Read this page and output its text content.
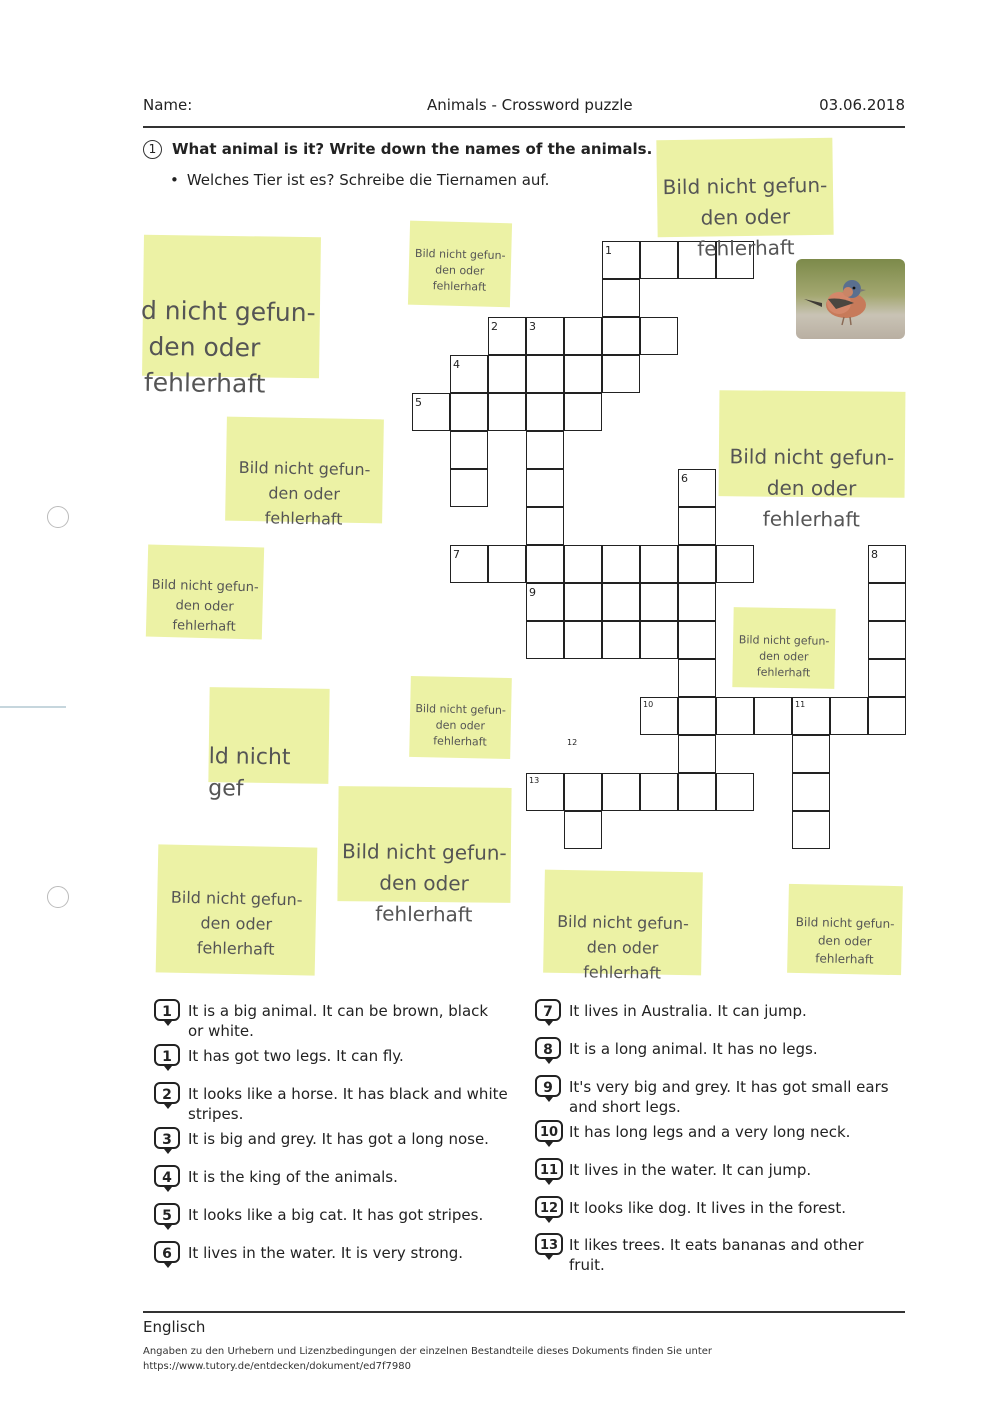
Name:	Animals - Crossword puzzle	03.06.2018
1 What animal is it? Write down the names of the animals.
• Welches Tier ist es? Schreibe die Tiernamen auf.
1
2	3
4
5
6
7	8
9
10	11
12
13
Bild nicht gefun-
den oder
fehlerhaft
Bild nicht gefun-
den oder
fehlerhaft
d nicht gefun-
den oder
fehlerhaft
Bild nicht gefun-
den oder
fehlerhaft
Bild nicht gefun-
den oder
fehlerhaft
Bild nicht gefun-
den oder
fehlerhaft
Bild nicht gefun-
den oder
fehlerhaft
ld nicht gef
Bild nicht gefun-
den oder
fehlerhaft
Bild nicht gefun-
den oder
fehlerhaft
Bild nicht gefun-
den oder
fehlerhaft
Bild nicht gefun-
den oder
fehlerhaft
Bild nicht gefun-
den oder
fehlerhaft
1	It is a big animal. It can be brown, black or white.
1	It has got two legs. It can fly.
2	It looks like a horse. It has black and white stripes.
3	It is big and grey. It has got a long nose.
4	It is the king of the animals.
5	It looks like a big cat. It has got stripes.
6	It lives in the water. It is very strong.
7	It lives in Australia. It can jump.
8	It is a long animal. It has no legs.
9	It's very big and grey. It has got small ears and short legs.
10 It has long legs and a very long neck.
11 It lives in the water. It can jump.
12 It looks like dog. It lives in the forest.
13 It likes trees. It eats bananas and other fruit.
Englisch
Angaben zu den Urhebern und Lizenzbedingungen der einzelnen Bestandteile dieses Dokuments finden Sie unter
https://www.tutory.de/entdecken/dokument/ed7f7980
